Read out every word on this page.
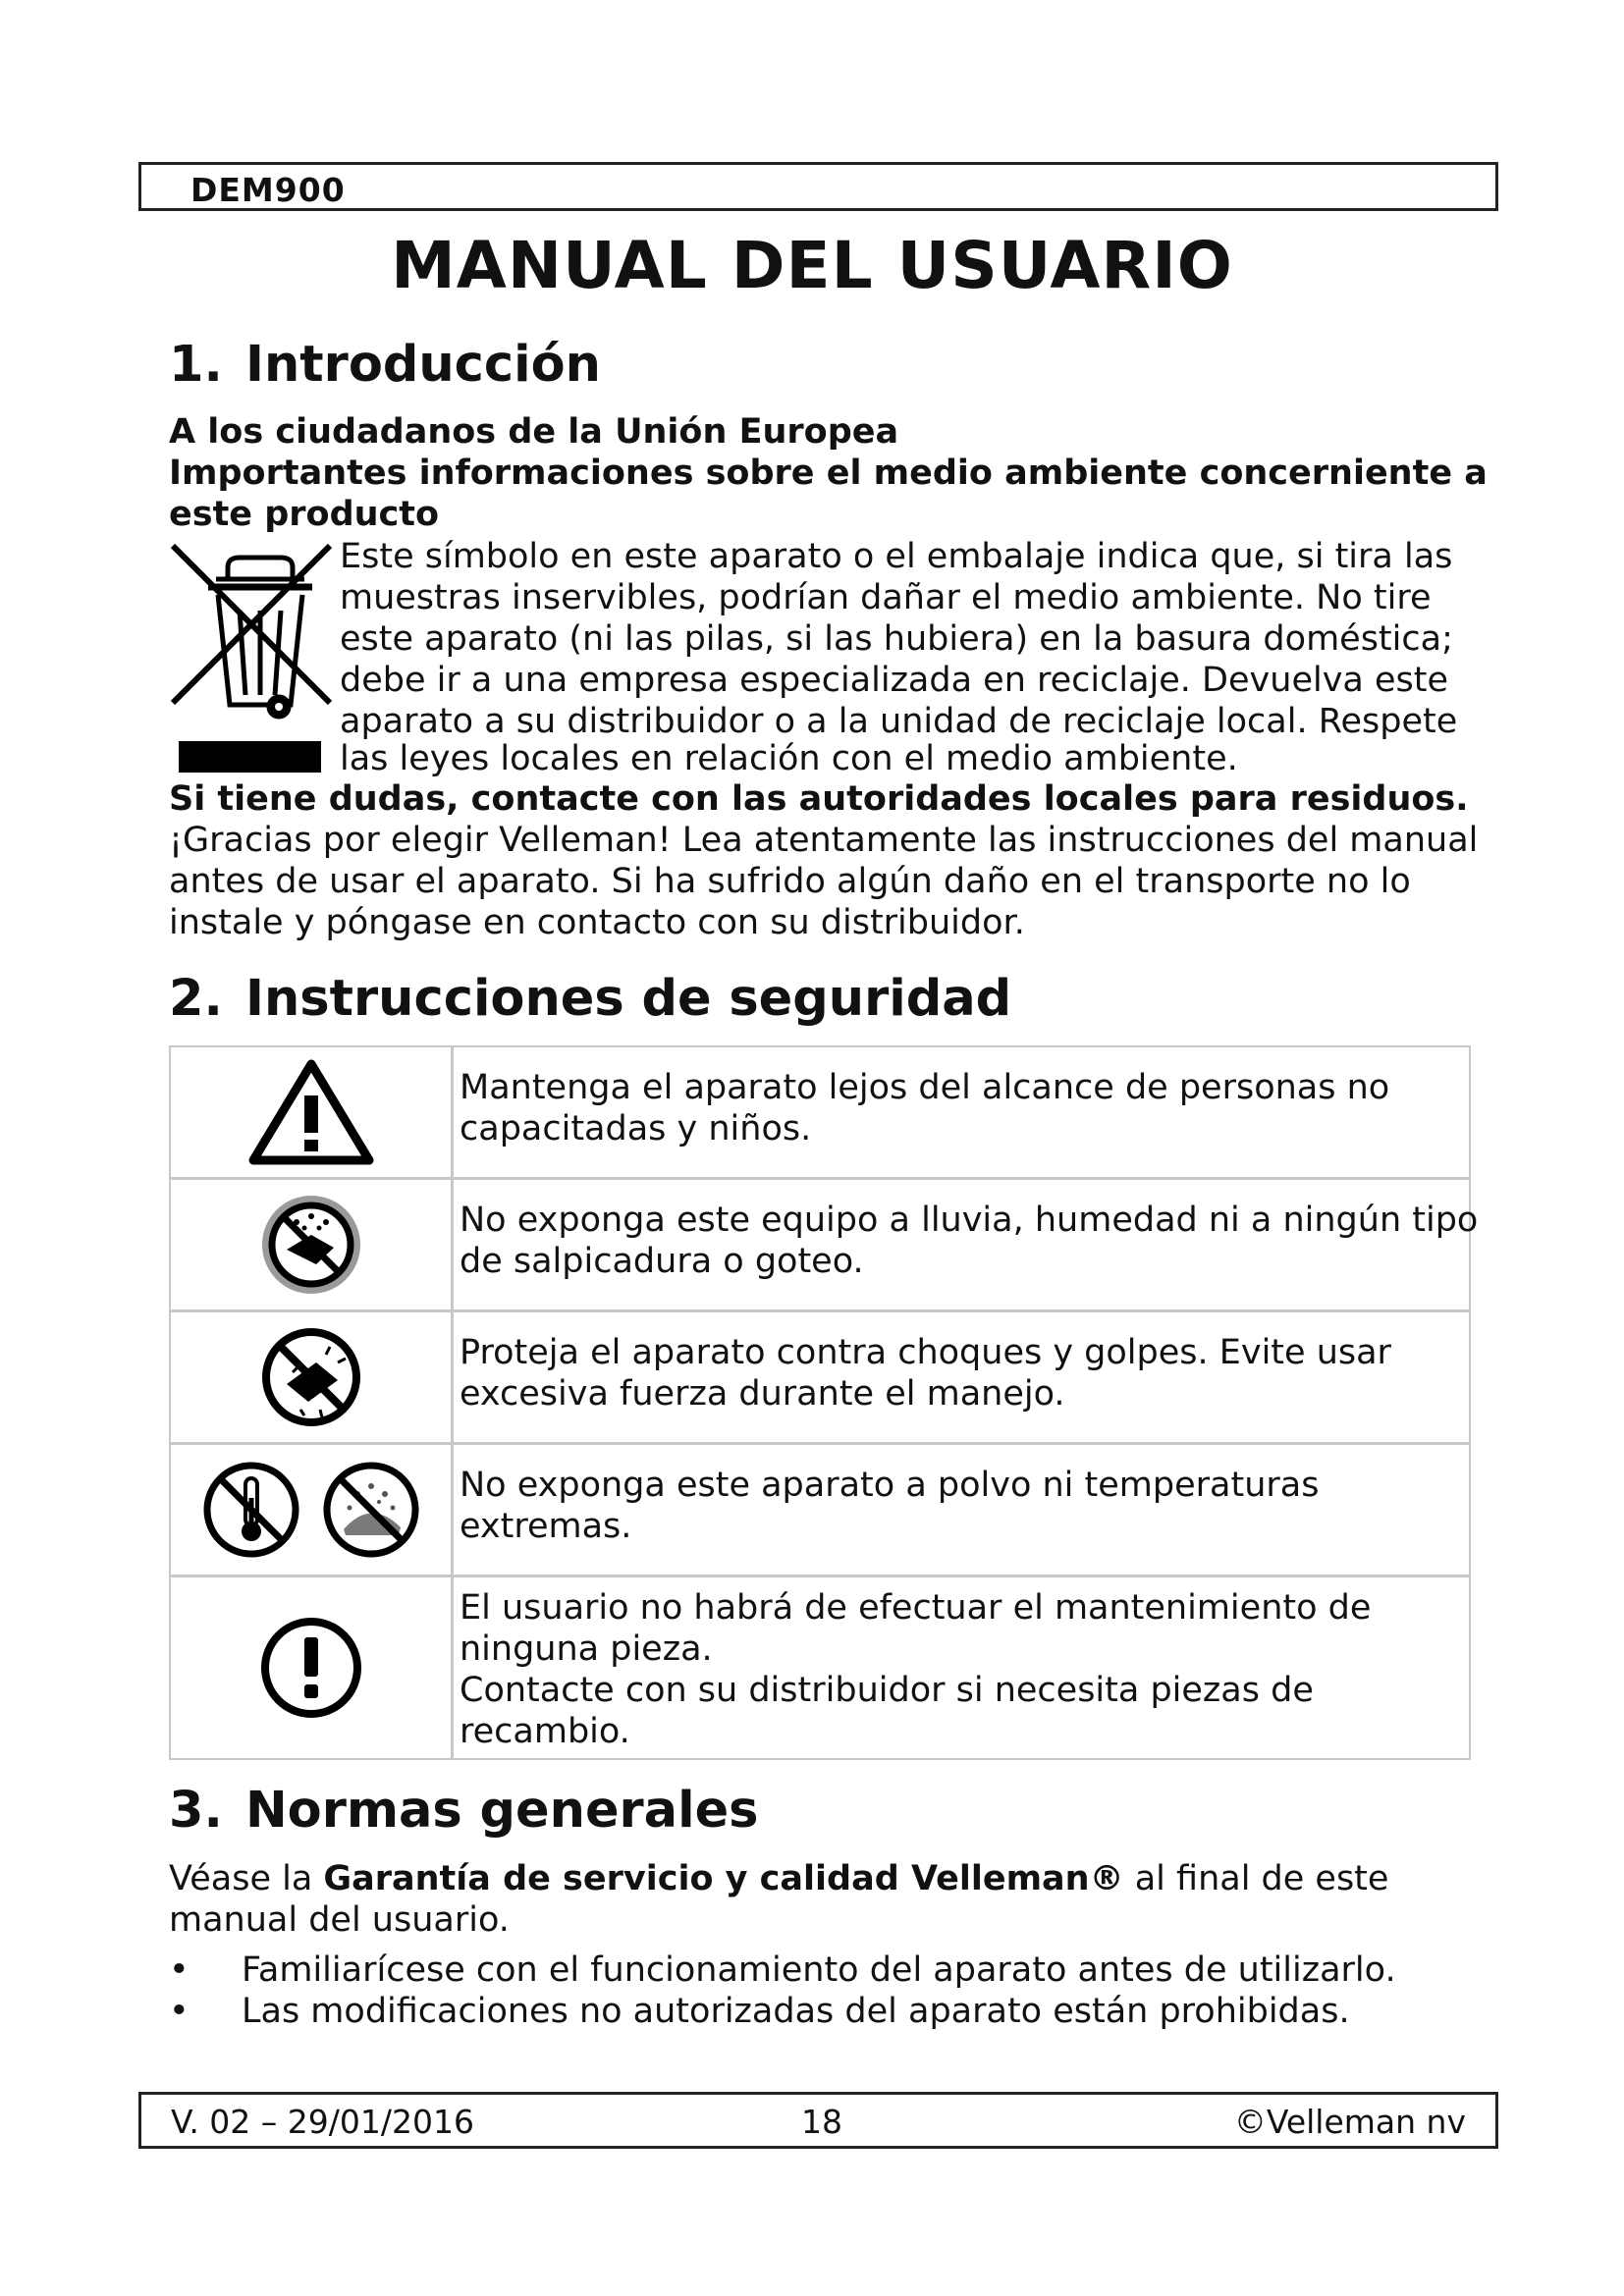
DEM900
MANUAL DEL USUARIO
1. Introducción
A los ciudadanos de la Unión Europea
Importantes informaciones sobre el medio ambiente concerniente a
este producto
Este símbolo en este aparato o el embalaje indica que, si tira las
muestras inservibles, podrían dañar el medio ambiente. No tire
este aparato (ni las pilas, si las hubiera) en la basura doméstica;
debe ir a una empresa especializada en reciclaje. Devuelva este
aparato a su distribuidor o a la unidad de reciclaje local. Respete
las leyes locales en relación con el medio ambiente.
Si tiene dudas, contacte con las autoridades locales para residuos.
¡Gracias por elegir Velleman! Lea atentamente las instrucciones del manual
antes de usar el aparato. Si ha sufrido algún daño en el transporte no lo
instale y póngase en contacto con su distribuidor.
2. Instrucciones de seguridad
Mantenga el aparato lejos del alcance de personas no
capacitadas y niños.
No exponga este equipo a lluvia, humedad ni a ningún tipo
de salpicadura o goteo.
Proteja el aparato contra choques y golpes. Evite usar
excesiva fuerza durante el manejo.
No exponga este aparato a polvo ni temperaturas
extremas.
El usuario no habrá de efectuar el mantenimiento de
ninguna pieza.
Contacte con su distribuidor si necesita piezas de
recambio.
3. Normas generales
Véase la Garantía de servicio y calidad Velleman® al final de este
manual del usuario.
• Familiarícese con el funcionamiento del aparato antes de utilizarlo.
• Las modificaciones no autorizadas del aparato están prohibidas.
V. 02 – 29/01/2016	18	©Velleman nv
